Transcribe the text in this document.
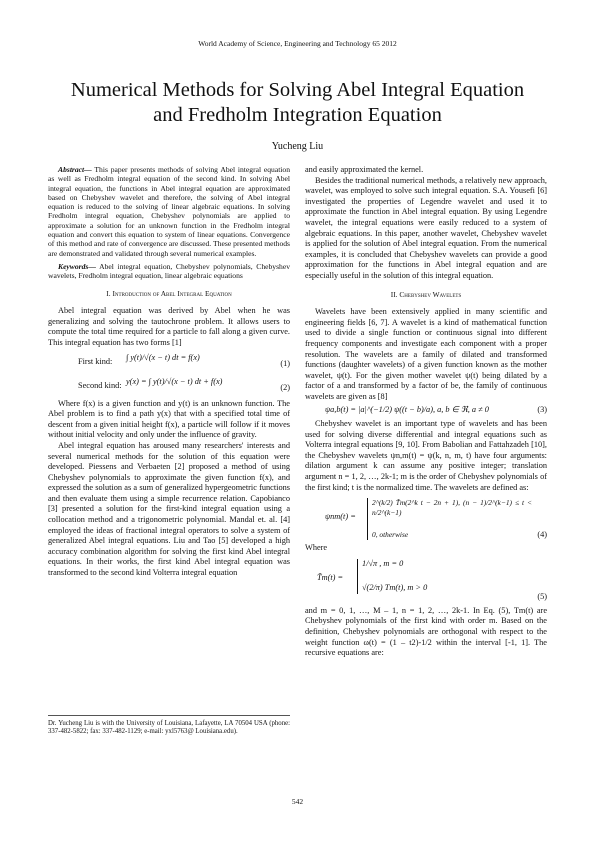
World Academy of Science, Engineering and Technology 65 2012
Numerical Methods for Solving Abel Integral Equation and Fredholm Integration Equation
Yucheng Liu

Abstract— This paper presents methods of solving Abel integral equation as well as Fredholm integral equation of the second kind. In solving Abel integral equation, the functions in Abel integral equation are approximated based on Chebyshev wavelet and therefore, the solving of Abel integral equation is reduced to the solving of linear algebraic equations. In solving Fredholm integral equation, Chebyshev polynomials are applied to approximate a solution for an unknown function in the Fredholm integral equation and convert this equation to system of linear equations. Convergence of this method and rate of convergence are discussed. These presented methods are demonstrated and validated through several numerical examples.

Keywords— Abel integral equation, Chebyshev polynomials, Chebyshev wavelets, Fredholm integral equation, linear algebraic equations

I. Introduction of Abel Integral Equation

Abel integral equation was derived by Abel when he was generalizing and solving the tautochrone problem. It allows users to compute the total time required for a particle to fall along a given curve. This integral equation has two forms [1]

First kind: ∫ y(t)/√(x − t) dt = f(x)
(1)
Second kind: y(x) = ∫ y(t)/√(x − t) dt + f(x)
(2)

Where f(x) is a given function and y(t) is an unknown function. The Abel problem is to find a path y(x) that with a specified total time of descent from a given initial height f(x), a particle will follow if it moves without initial velocity and only under the influence of gravity.

Abel integral equation has aroused many researchers' interests and several numerical methods for the solution of this equation were developed. Piessens and Verbaeten [2] proposed a method of using Chebyshev polynomials to approximate the given function f(x), and expressed the solution as a sum of generalized hypergeometric functions and then evaluate them using a simple recurrence relation. Capobianco [3] presented a solution for the first-kind integral equation using a collocation method and a trigonometric polynomial. Mandal et. al. [4] employed the ideas of fractional integral operators to solve a system of generalized Abel integral equations. Liu and Tao [5] developed a high accuracy combination algorithm for solving the first kind Abel integral equations. In their works, the first kind Abel integral equation was transformed to the second kind Volterra integral equation

Dr. Yucheng Liu is with the University of Louisiana, Lafayette, LA 70504 USA (phone: 337-482-5822; fax: 337-482-1129; e-mail: yxl5763@ Louisiana.edu).

and easily approximated the kernel.

Besides the traditional numerical methods, a relatively new approach, wavelet, was employed to solve such integral equation. S.A. Yousefi [6] investigated the properties of Legendre wavelet and used it to approximate the function in Abel integral equation. By using Legendre wavelet, the integral equations were easily reduced to a system of algebraic equations. In this paper, another wavelet, Chebyshev wavelet is applied for the solution of Abel integral equation. From the numerical examples, it is concluded that Chebyshev wavelets can provide a good approximation for the functions in Abel integral equation and are especially useful in the solution of this integral equation.

II. Chebyshev Wavelets

Wavelets have been extensively applied in many scientific and engineering fields [6, 7]. A wavelet is a kind of mathematical function used to divide a single function or continuous signal into different frequency components and investigate each component with a proper resolution. The wavelets are a family of dilated and transformed functions (daughter wavelets) of a given function known as the mother wavelet, ψ(t). For the given mother wavelet ψ(t) being dilated by a factor of a and transformed by a factor of be, the family of continuous wavelets are given as [8]

ψa,b(t) = |a|^(−1/2) ψ((t − b)/a), a, b ∈ ℜ, a ≠ 0	(3)

Chebyshev wavelet is an important type of wavelets and has been used for solving diverse differential and integral equations such as Volterra integral equations [9, 10]. From Babolian and Fattahzadeh [10], the Chebyshev wavelets ψn,m(t) = ψ(k, n, m, t) have four arguments: dilation argument k can assume any positive integer; translation argument n = 1, 2, …, 2k-1; m is the order of Chebyshev polynomials of the first kind; t is the normalized time. The wavelets are defined as:

ψnm(t) =
2^(k/2) T̃m(2^k t − 2n + 1), (n − 1)/2^(k−1) ≤ t < n/2^(k−1)
0, otherwise	(4)

Where

T̃m(t) =
1/√π , m = 0
√(2/π) Tm(t), m > 0
(5)

and m = 0, 1, …, M – 1, n = 1, 2, …, 2k-1. In Eq. (5), Tm(t) are Chebyshev polynomials of the first kind with order m. Based on the definition, Chebyshev polynomials are orthogonal with respect to the weight function ω(t) = (1 – t2)-1/2 within the interval [-1, 1]. The recursive equations are:

542
